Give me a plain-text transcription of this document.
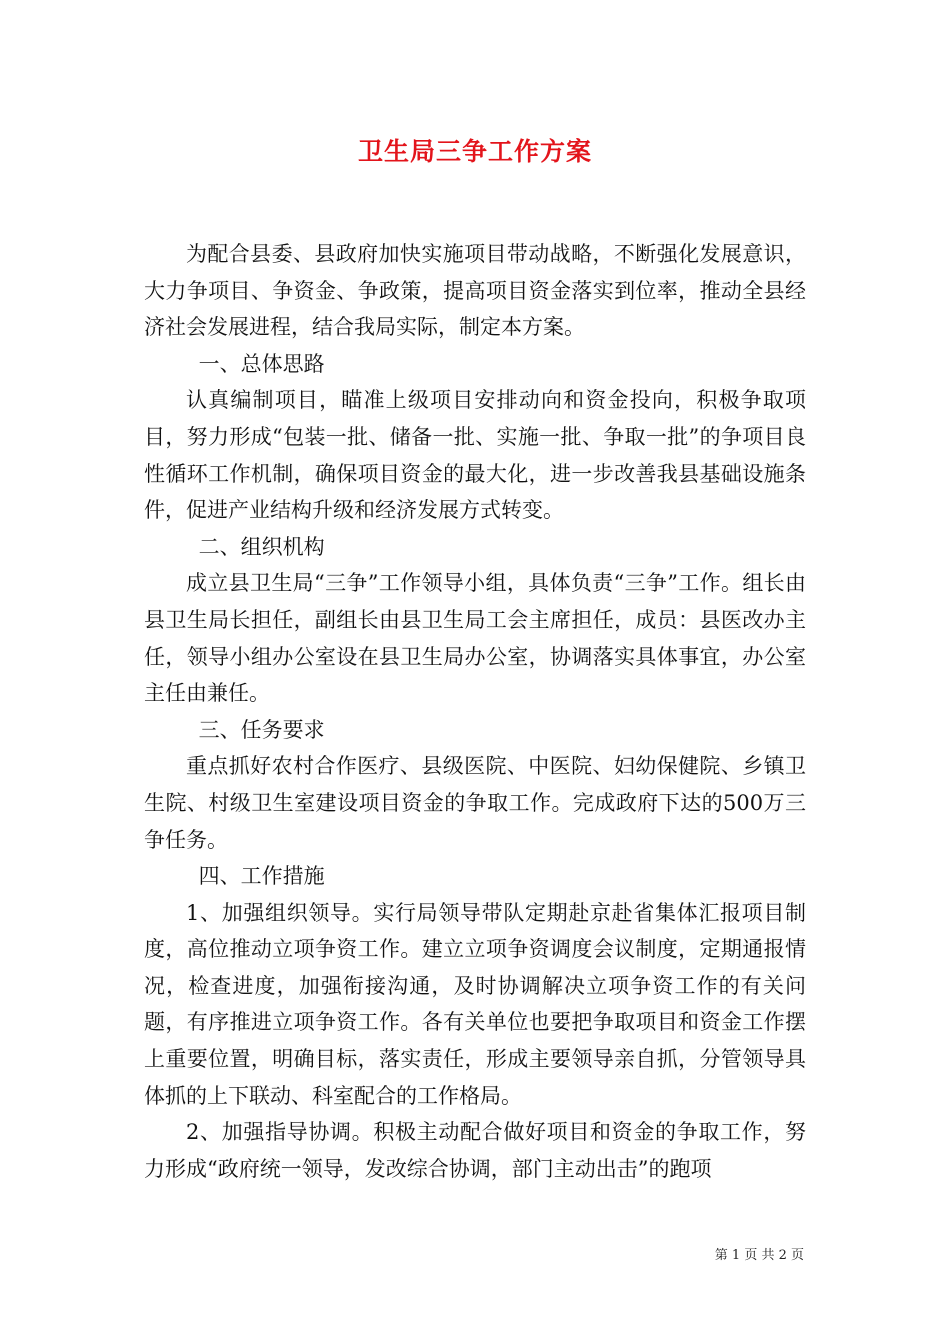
卫生局三争工作方案

为配合县委、县政府加快实施项目带动战略，不断强化发展意识，大力争项目、争资金、争政策，提高项目资金落实到位率，推动全县经济社会发展进程，结合我局实际，制定本方案。

一、总体思路

认真编制项目，瞄准上级项目安排动向和资金投向，积极争取项目，努力形成“包装一批、储备一批、实施一批、争取一批”的争项目良性循环工作机制，确保项目资金的最大化，进一步改善我县基础设施条件，促进产业结构升级和经济发展方式转变。

二、组织机构

成立县卫生局“三争”工作领导小组，具体负责“三争”工作。组长由县卫生局长担任，副组长由县卫生局工会主席担任，成员：县医改办主任，领导小组办公室设在县卫生局办公室，协调落实具体事宜，办公室主任由兼任。

三、任务要求

重点抓好农村合作医疗、县级医院、中医院、妇幼保健院、乡镇卫生院、村级卫生室建设项目资金的争取工作。完成政府下达的500万三争任务。

四、工作措施

1、加强组织领导。实行局领导带队定期赴京赴省集体汇报项目制度，高位推动立项争资工作。建立立项争资调度会议制度，定期通报情况，检查进度，加强衔接沟通，及时协调解决立项争资工作的有关问题，有序推进立项争资工作。各有关单位也要把争取项目和资金工作摆上重要位置，明确目标，落实责任，形成主要领导亲自抓，分管领导具体抓的上下联动、科室配合的工作格局。

2、加强指导协调。积极主动配合做好项目和资金的争取工作，努力形成“政府统一领导，发改综合协调，部门主动出击”的跑项

第 1 页 共 2 页
